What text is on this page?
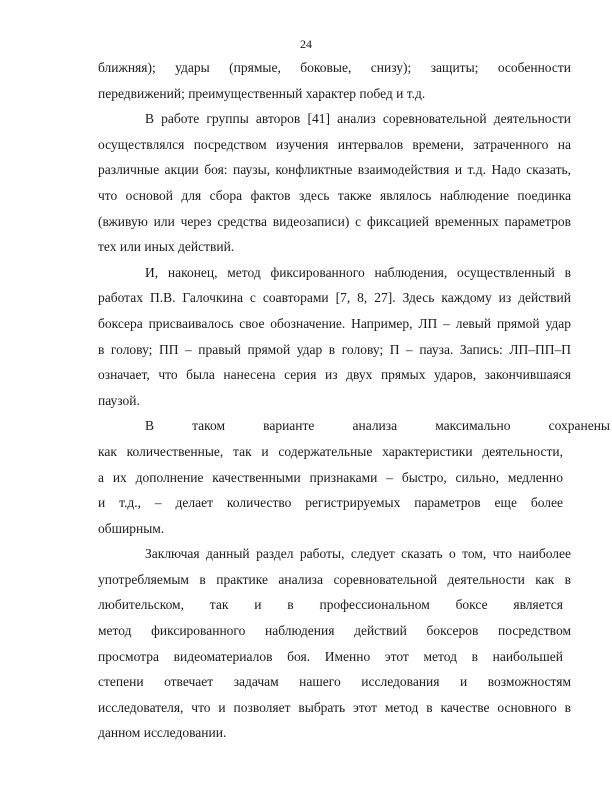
24
ближняя); удары (прямые, боковые, снизу); защиты; особенности
передвижений; преимущественный характер побед и т.д.
В работе группы авторов [41] анализ соревновательной деятельности
осуществлялся посредством изучения интервалов времени, затраченного на
различные акции боя: паузы, конфликтные взаимодействия и т.д. Надо сказать,
что основой для сбора фактов здесь также являлось наблюдение поединка
(вживую или через средства видеозаписи) с фиксацией временных параметров
тех или иных действий.
И, наконец, метод фиксированного наблюдения, осуществленный в
работах П.В. Галочкина с соавторами [7, 8, 27]. Здесь каждому из действий
боксера присваивалось свое обозначение. Например, ЛП – левый прямой удар
в голову; ПП – правый прямой удар в голову; П – пауза. Запись: ЛП–ПП–П
означает, что была нанесена серия из двух прямых ударов, закончившаяся
паузой.
В таком варианте анализа максимально сохранены
как количественные, так и содержательные характеристики деятельности,
а их дополнение качественными признаками – быстро, сильно, медленно
и т.д., – делает количество регистрируемых параметров еще более
обширным.
Заключая данный раздел работы, следует сказать о том, что наиболее
употребляемым в практике анализа соревновательной деятельности как в
любительском, так и в профессиональном боксе является
метод фиксированного наблюдения действий боксеров посредством
просмотра видеоматериалов боя. Именно этот метод в наибольшей
степени отвечает задачам нашего исследования и возможностям
исследователя, что и позволяет выбрать этот метод в качестве основного в
данном исследовании.
